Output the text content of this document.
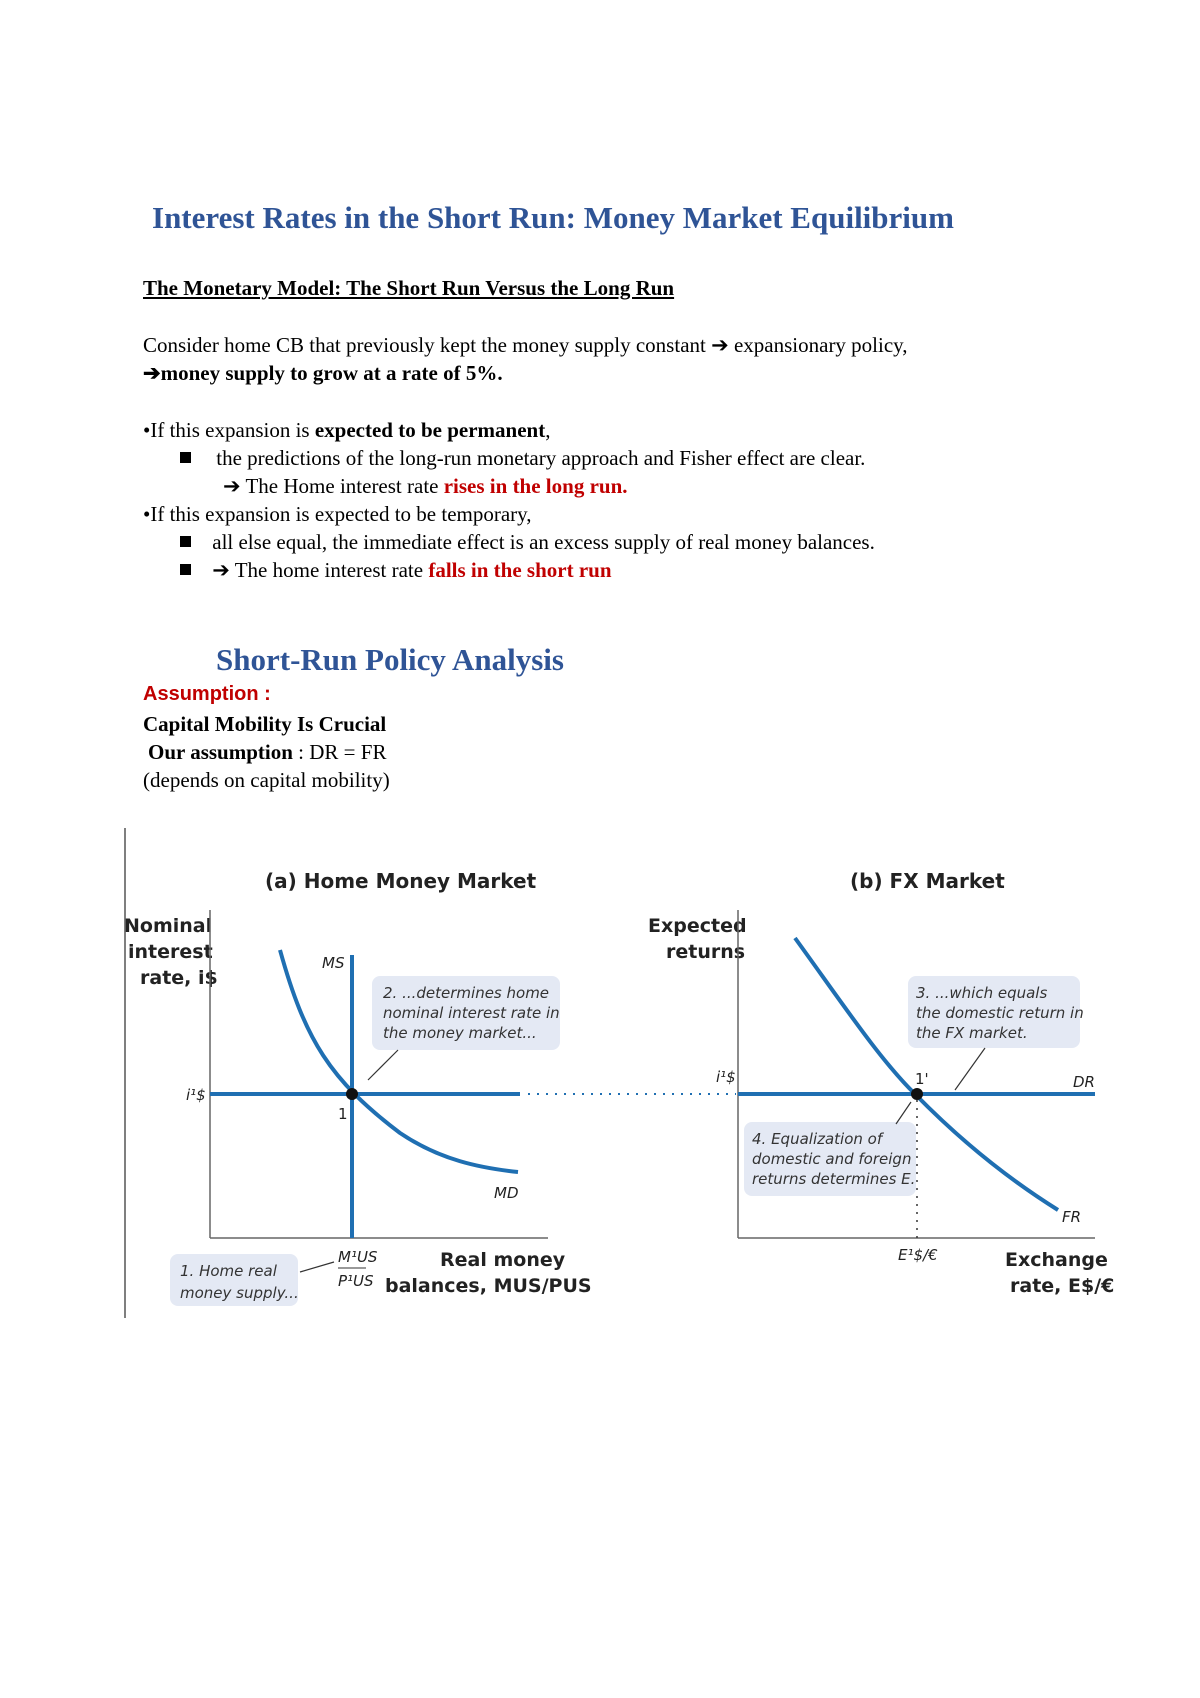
Interest Rates in the Short Run: Money Market Equilibrium
The Monetary Model: The Short Run Versus the Long Run
Consider home CB that previously kept the money supply constant ➔ expansionary policy,
➔money supply to grow at a rate of 5%.
•If this expansion is expected to be permanent,
the predictions of the long-run monetary approach and Fisher effect are clear.
➔ The Home interest rate rises in the long run.
•If this expansion is expected to be temporary,
all else equal, the immediate effect is an excess supply of real money balances.
➔ The home interest rate falls in the short run
Short-Run Policy Analysis
Assumption :
Capital Mobility Is Crucial
Our assumption : DR = FR
(depends on capital mobility)
(a) Home Money Market
Nominal
interest
rate, i$
MS
MD
1
i¹$
M¹US
P¹US
Real money
balances, MUS/PUS
1. Home real
money supply...
2. ...determines home
nominal interest rate in
the money market...
(b) FX Market
Expected
returns
DR
FR
1'
i¹$
E¹$/€	Exchange
rate, E$/€
3. ...which equals
the domestic return in
the FX market.
4. Equalization of
domestic and foreign
returns determines E.
